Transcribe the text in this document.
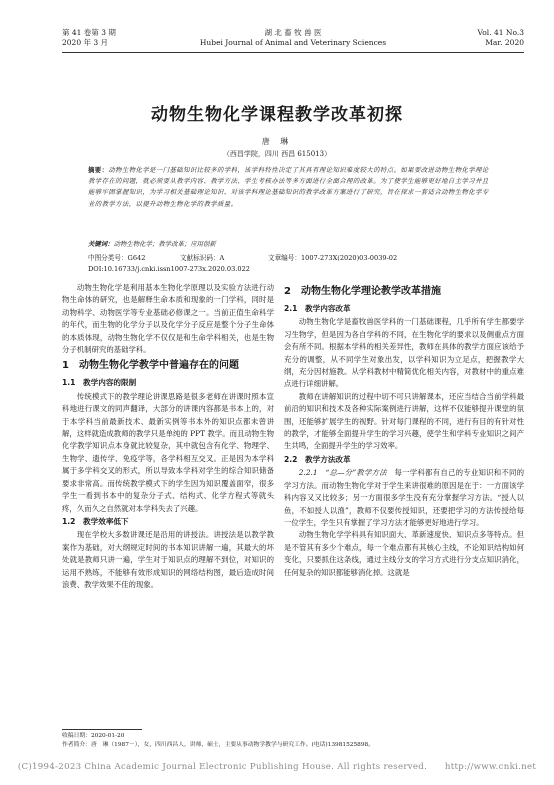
第 41 卷第 3 期
2020 年 3 月
湖 北 畜 牧 兽 医
Hubei Journal of Animal and Veterinary Sciences
Vol. 41 No.3
Mar. 2020
动物生物化学课程教学改革初探
唐 琳
（西昌学院，四川 西昌 615013）
摘要：动物生物化学是一门基础知识比较多的学科，该学科特性决定了其具有理论知识难度较大的特点。如果要改进动物生物化学理论教学存在的问题，就必须要从教学内容、教学方法、学生考核办法等多方面进行全面合理的改革。为了使学生能够更好地自主学习并且能够牢固掌握知识，为学习相关基础理论知识、对该学科理论基础知识的教学改革方案进行了研究，旨在探求一套适合动物生物化学专业的教学方法，以提升动物生物化学的教学质量。
关键词：动物生物化学；教学改革；应用创新
中图分类号：G642	文献标识码：A	文章编号：1007-273X(2020)03-0039-02
DOI:10.16733/j.cnki.issn1007-273x.2020.03.022

动物生物化学是利用基本生物化学原理以及实验方法进行动物生命体的研究，也是解释生命本质和现象的一门学科，同时是动物科学、动物医学等专业基础必修课之一。当前正值生命科学的年代，而生物的化学分子以及化学分子反应是整个分子生命体的本质体现，动物生物化学不仅仅是和生命学科相关，也是生物分子机制研究的基础学科。

1　动物生物化学教学中普遍存在的问题
1.1　教学内容的限制

传统模式下的教学理论讲课思路是很多老师在讲课时照本宣科地进行课文的同声翻译，大部分的讲课内容都是书本上的，对于本学科当前最新技术、最新实例等书本外的知识点都未曾讲解，这样就造成教师的教学只是单纯的 PPT 教学。而且动物生物化学教学知识点本身就比较复杂，其中就包含有化学、物理学、生物学、遗传学、免疫学等，各学科相互交叉。正是因为本学科属于多学科交叉的形式，所以导致本学科对学生的综合知识储备要求非常高。而传统教学模式下的学生因为知识覆盖面窄，很多学生一看到书本中的复杂分子式、结构式、化学方程式等就头疼，久而久之自然就对本学科失去了兴趣。

1.2　教学效率低下

现在学校大多数讲课还是沿用的讲授法。讲授法是以教学教案作为基础，对大纲规定时间的书本知识讲解一遍，其最大的坏处就是教师只讲一遍，学生对于知识点的理解不到位，对知识的运用不熟练，不能够有效形成知识的网络结构图，最后造成时间浪费、教学效果不佳的现象。

2　动物生物化学理论教学改革措施
2.1　教学内容改革

动物生物化学是畜牧兽医学科的一门基础课程，几乎所有学生都要学习生物学，但是因为各自学科的不同，在生物化学的要求以及侧重点方面会有所不同。根据本学科的相关差异性，教师在具体的教学方面应该给予充分的调整，从不同学生对象出发，以学科知识为立足点，把握教学大纲，充分因材施教。从学科教材中精简优化相关内容，对教材中的重点难点进行详细讲解。

教师在讲解知识的过程中切不可只讲解课本，还应当结合当前学科最前沿的知识和技术及各种实际案例进行讲解，这样不仅能够提升课堂的氛围，还能够扩展学生的视野。针对每门课程的不同，进行有目的有针对性的教学，才能够全面提升学生的学习兴趣，使学生和学科专业知识之间产生共鸣，全面提升学生的学习效率。

2.2　教学方法改革

2.2.1　“总—分”教学方法　 每一学科都有自己的专业知识和不同的学习方法。而动物生物化学对于学生来讲很难的原因是在于：一方面该学科内容又又比较多；另一方面很多学生没有充分掌握学习方法。“授人以鱼，不如授人以渔”，教师不仅要传授知识，还要把学习的方法传授给每一位学生，学生只有掌握了学习方法才能够更好地进行学习。

动物生物化学学科具有知识面大、革新速度快、知识点多等特点。但是不管其有多少个难点，每一个难点都有其核心主线，不论知识结构如何变化，只要抓住这条线，通过主线分支的学习方式进行分支点知识消化，任何复杂的知识都能够消化掉。这就是

收稿日期：2020-01-20
作者简介：唐　琳（1987－），女，四川西昌人，讲师，硕士，主要从事动物学教学与研究工作。(电话)13981525898。
(C)1994-2023 China Academic Journal Electronic Publishing House. All rights reserved.　　http://www.cnki.net
